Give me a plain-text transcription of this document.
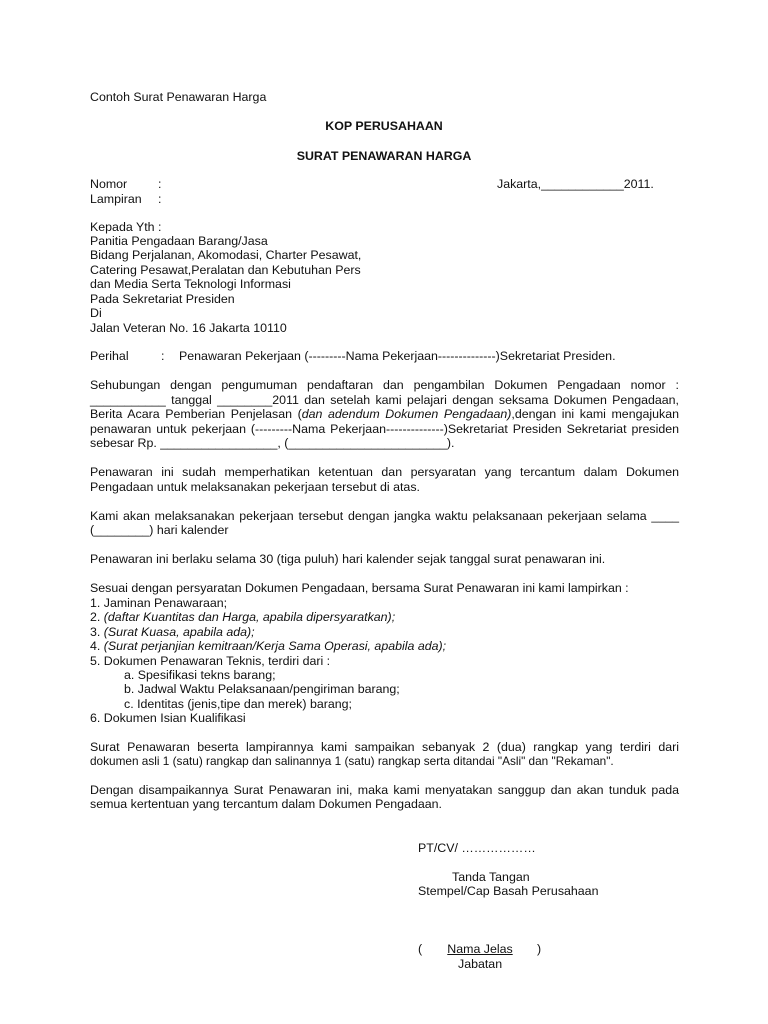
Contoh Surat Penawaran Harga
KOP PERUSAHAAN
SURAT PENAWARAN HARGA
Nomor :	Jakarta,____________2011.
Lampiran :
Kepada Yth :
Panitia Pengadaan Barang/Jasa
Bidang Perjalanan, Akomodasi, Charter Pesawat,
Catering Pesawat,Peralatan dan Kebutuhan Pers
dan Media Serta Teknologi Informasi
Pada Sekretariat Presiden
Di
Jalan Veteran No. 16 Jakarta 10110
Perihal	: Penawaran Pekerjaan (---------Nama Pekerjaan--------------)Sekretariat Presiden.
Sehubungan dengan pengumuman pendaftaran dan pengambilan Dokumen Pengadaan nomor :
___________ tanggal ________2011 dan setelah kami pelajari dengan seksama Dokumen Pengadaan,
Berita Acara Pemberian Penjelasan (dan adendum Dokumen Pengadaan),dengan ini kami mengajukan
penawaran untuk pekerjaan (---------Nama Pekerjaan--------------)Sekretariat Presiden Sekretariat presiden
sebesar Rp. _________________, (_______________________).
Penawaran ini sudah memperhatikan ketentuan dan persyaratan yang tercantum dalam Dokumen
Pengadaan untuk melaksanakan pekerjaan tersebut di atas.
Kami akan melaksanakan pekerjaan tersebut dengan jangka waktu pelaksanaan pekerjaan selama ____
(________) hari kalender
Penawaran ini berlaku selama 30 (tiga puluh) hari kalender sejak tanggal surat penawaran ini.
Sesuai dengan persyaratan Dokumen Pengadaan, bersama Surat Penawaran ini kami lampirkan :
1. Jaminan Penawaraan;
2. (daftar Kuantitas dan Harga, apabila dipersyaratkan);
3. (Surat Kuasa, apabila ada);
4. (Surat perjanjian kemitraan/Kerja Sama Operasi, apabila ada);
5. Dokumen Penawaran Teknis, terdiri dari :
a. Spesifikasi tekns barang;
b. Jadwal Waktu Pelaksanaan/pengiriman barang;
c. Identitas (jenis,tipe dan merek) barang;
6. Dokumen Isian Kualifikasi
Surat Penawaran beserta lampirannya kami sampaikan sebanyak 2 (dua) rangkap yang terdiri dari
dokumen asli 1 (satu) rangkap dan salinannya 1 (satu) rangkap serta ditandai "Asli" dan "Rekaman".
Dengan disampaikannya Surat Penawaran ini, maka kami menyatakan sanggup dan akan tunduk pada
semua kertentuan yang tercantum dalam Dokumen Pengadaan.
PT/CV/ ………………
Tanda Tangan
Stempel/Cap Basah Perusahaan
(	Nama Jelas	)
Jabatan
